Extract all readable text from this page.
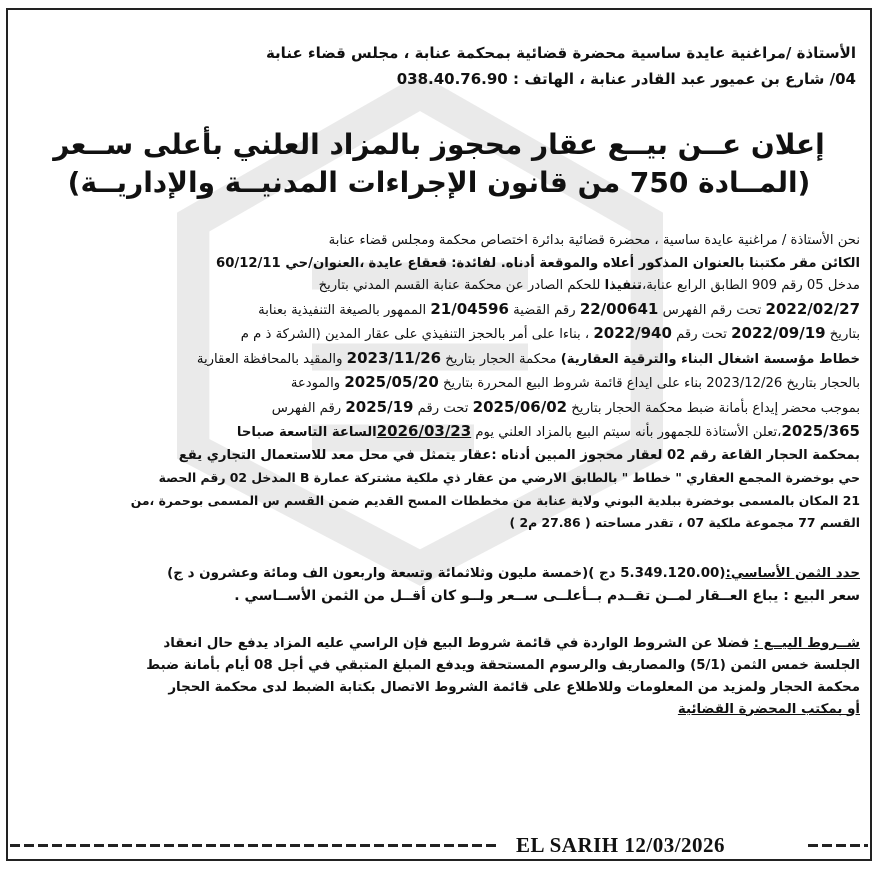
الأستاذة /مراغنية عايدة ساسية محضرة قضائية بمحكمة عنابة ، مجلس قضاء عنابة
04/ شارع بن عميور عبد القادر عنابة ، الهاتف : 038.40.76.90
إعلان عــن بيــع عقار محجوز بالمزاد العلني بأعلى ســعر
(المــادة 750 من قانون الإجراءات المدنيــة والإداريــة)

نحن الأستاذة / مراغنية عايدة ساسية ، محضرة قضائية بدائرة اختصاص محكمة ومجلس قضاء عنابة

الكائن مقر مكتبنا بالعنوان المذكور أعلاه والموقعة أدناه. لفائدة: قعقاع عايدة ،العنوان/حي 60/12/11

مدخل 05 رقم 909 الطابق الرابع عنابة،تنفيذا للحكم الصادر عن محكمة عنابة القسم المدني بتاريخ

2022/02/27 تحت رقم الفهرس 22/00641 رقم القضية 21/04596 الممهور بالصيغة التنفيذية بعنابة

بتاريخ 2022/09/19 تحت رقم 2022/940 ، بناءا على أمر بالحجز التنفيذي على عقار المدين (الشركة ذ م م

خطاط مؤسسة اشغال البناء والترقية العقارية) محكمة الحجار بتاريخ 2023/11/26 والمقيد بالمحافظة العقارية

بالحجار بتاريخ 2023/12/26 بناء على ايداع قائمة شروط البيع المحررة بتاريخ 2025/05/20 والمودعة

بموجب محضر إيداع بأمانة ضبط محكمة الحجار بتاريخ 2025/06/02 تحت رقم 2025/19 رقم الفهرس

2025/365،تعلن الأستاذة للجمهور بأنه سيتم البيع بالمزاد العلني يوم 2026/03/23الساعة التاسعة صباحا

بمحكمة الحجار القاعة رقم 02 لعقار محجوز المبين أدناه :عقار يتمثل في محل معد للاستعمال التجاري يقع

حي بوخضرة المجمع العقاري " خطاط " بالطابق الارضي من عقار ذي ملكية مشتركة عمارة B المدخل 02 رقم الحصة

21 المكان بالمسمى بوخضرة ببلدية البوني ولاية عنابة من مخططات المسح القديم ضمن القسم س المسمى بوحمرة ،من

القسم 77 مجموعة ملكية 07 ، تقدر مساحته ( 27.86 م2 )

حدد الثمن الأساسي:(5.349.120.00 دج )(خمسة مليون وثلاثمائة وتسعة واربعون الف ومائة وعشرون د ج)
سعر البيع : يباع العــقار لمــن تقــدم بــأعلــى ســعر ولــو كان أقــل من الثمن الأســاسي .
شــروط البيــع : فضلا عن الشروط الواردة في قائمة شروط البيع فإن الراسي عليه المزاد يدفع حال انعقاد
الجلسة خمس الثمن (5/1) والمصاريف والرسوم المستحقة ويدفع المبلغ المتبقي في أجل 08 أيام بأمانة ضبط
محكمة الحجار ولمزيد من المعلومات وللاطلاع على قائمة الشروط الاتصال بكتابة الضبط لدى محكمة الحجار
أو بمكتب المحضرة القضائية
EL SARIH 12/03/2026
